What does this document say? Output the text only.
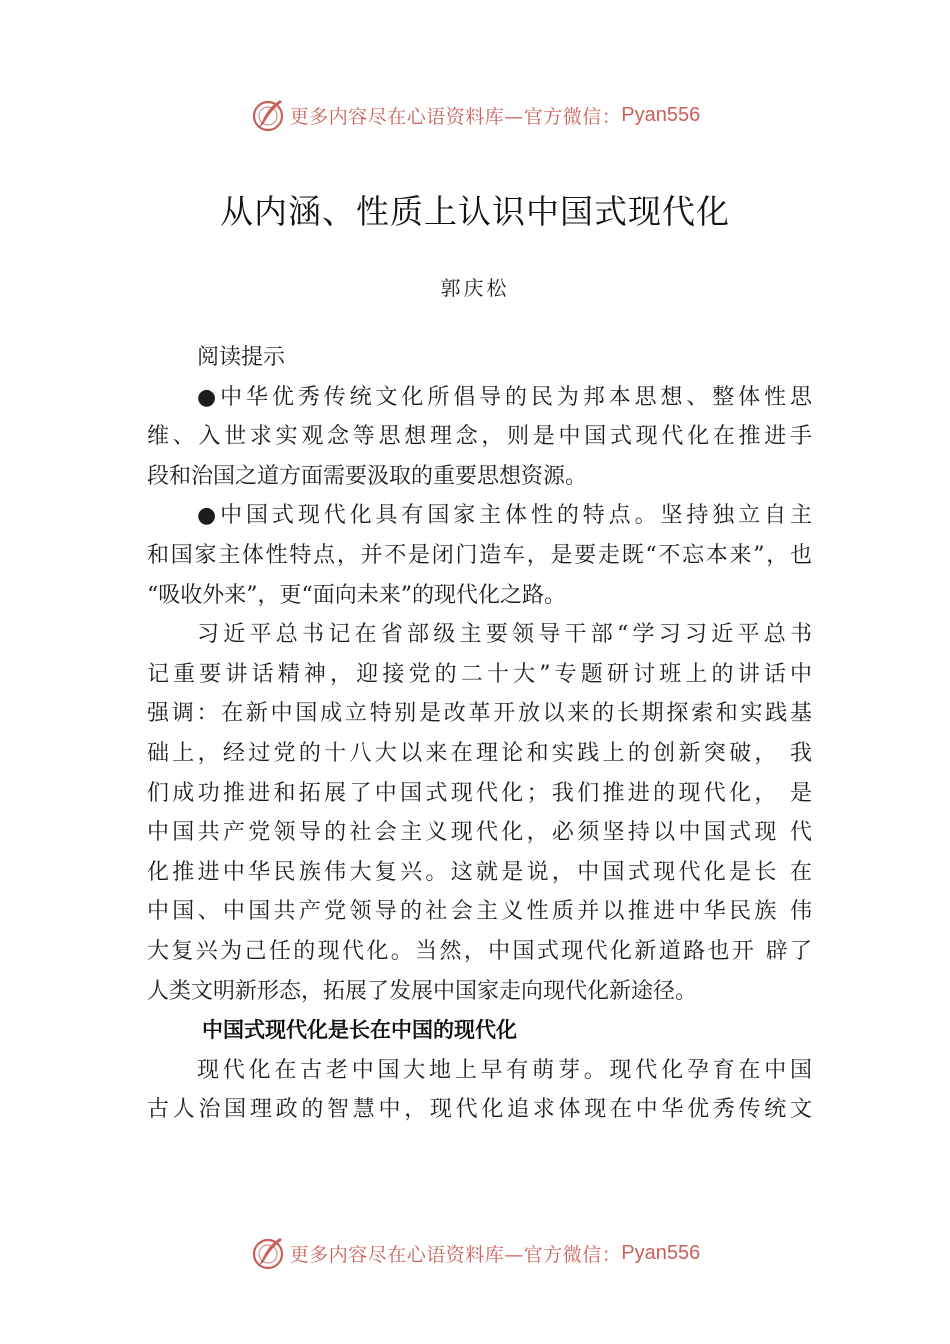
更多内容尽在心语资料库—官方微信： Pyan556
从内涵、性质上认识中国式现代化
郭庆松
阅读提示
●中华优秀传统文化所倡导的民为邦本思想、整体性思
维、入世求实观念等思想理念，则是中国式现代化在推进手
段和治国之道方面需要汲取的重要思想资源。
●中国式现代化具有国家主体性的特点。坚持独立自主
和国家主体性特点，并不是闭门造车，是要走既“不忘本来”，也
“吸收外来”，更“面向未来”的现代化之路。
习近平总书记在省部级主要领导干部“学习习近平总书
记重要讲话精神，迎接党的二十大”专题研讨班上的讲话中
强调：在新中国成立特别是改革开放以来的长期探索和实践基
础上，经过党的十八大以来在理论和实践上的创新突破， 我
们成功推进和拓展了中国式现代化；我们推进的现代化， 是
中国共产党领导的社会主义现代化，必须坚持以中国式现 代
化推进中华民族伟大复兴。这就是说，中国式现代化是长 在
中国、中国共产党领导的社会主义性质并以推进中华民族 伟
大复兴为己任的现代化。当然，中国式现代化新道路也开 辟了
人类文明新形态，拓展了发展中国家走向现代化新途径。
中国式现代化是长在中国的现代化
现代化在古老中国大地上早有萌芽。现代化孕育在中国
古人治国理政的智慧中，现代化追求体现在中华优秀传统文
更多内容尽在心语资料库—官方微信： Pyan556
